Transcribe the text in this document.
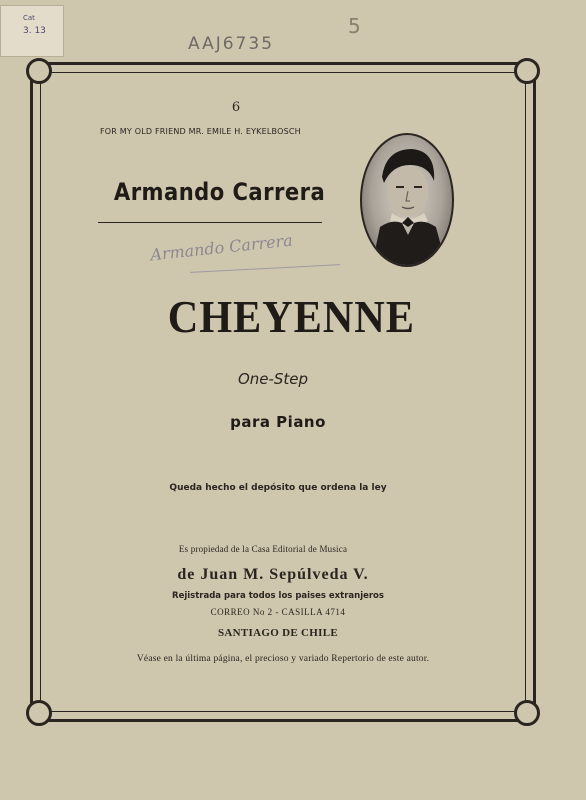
Cat
3. 13
AAJ6735
5
6
FOR MY OLD FRIEND MR. EMILE H. EYKELBOSCH
Armando Carrera
Armando Carrera
CHEYENNE
One-Step
para Piano
Queda hecho el depósito que ordena la ley
Es propiedad de la Casa Editorial de Musica
de Juan M. Sepúlveda V.
Rejistrada para todos los paises extranjeros
CORREO No 2 - CASILLA 4714
SANTIAGO DE CHILE
Véase en la última página, el precioso y variado Repertorio de este autor.
